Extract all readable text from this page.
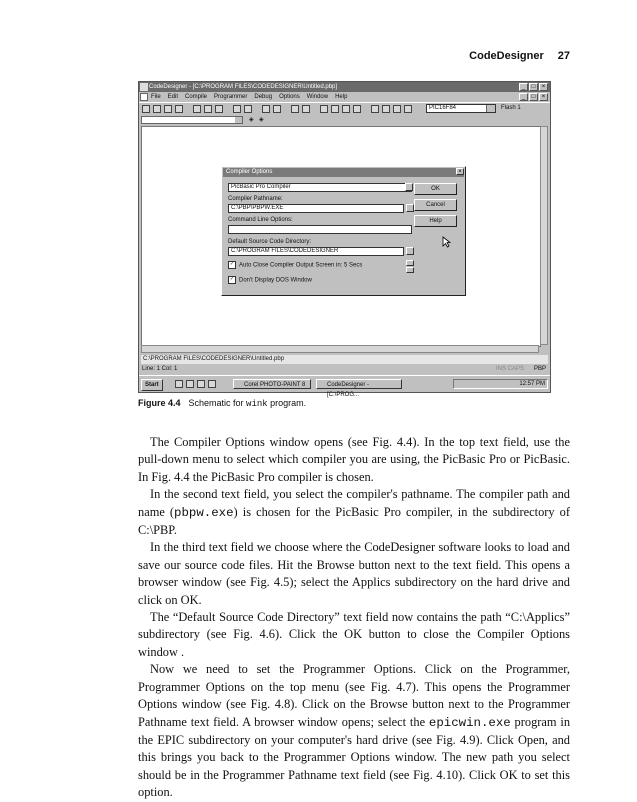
CodeDesigner 27
CodeDesigner - [C:\PROGRAM FILES\CODEDESIGNER\Untitled.pbp]	_	□	×
File Edit Compile Programmer Debug Options Window Help	_	□	×
PIC16F84	Flash 1
◈ ◈
C:\PROGRAM FILES\CODEDESIGNER\Untitled.pbp
Line: 1 Col: 1	INS CAPS PBP
Start	Corel PHOTO-PAINT 8	CodeDesigner - [C:\PROG...
12:57 PM
Compiler Options	×
PicBasic Pro Compiler
Compiler Pathname:
C:\PBP\PBPW.EXE
Command Line Options:
Default Source Code Directory:
C:\PROGRAM FILES\CODEDESIGNER
✓ Auto Close Compiler Output Screen in: 5 Secs
✓ Don't Display DOS Window
OK
Cancel
Help
Figure 4.4 Schematic for wink program.

The Compiler Options window opens (see Fig. 4.4). In the top text field, use the pull-down menu to select which compiler you are using, the PicBasic Pro or PicBasic. In Fig. 4.4 the PicBasic Pro compiler is chosen.

In the second text field, you select the compiler's pathname. The compiler path and name (pbpw.exe) is chosen for the PicBasic Pro compiler, in the subdirectory of C:\PBP.

In the third text field we choose where the CodeDesigner software looks to load and save our source code files. Hit the Browse button next to the text field. This opens a browser window (see Fig. 4.5); select the Applics subdirectory on the hard drive and click on OK.

The “Default Source Code Directory” text field now contains the path “C:\Applics” subdirectory (see Fig. 4.6). Click the OK button to close the Compiler Options window .

Now we need to set the Programmer Options. Click on the Programmer, Programmer Options on the top menu (see Fig. 4.7). This opens the Programmer Options window (see Fig. 4.8). Click on the Browse button next to the Programmer Pathname text field. A browser window opens; select the epicwin.exe program in the EPIC subdirectory on your computer's hard drive (see Fig. 4.9). Click Open, and this brings you back to the Programmer Options window. The new path you select should be in the Programmer Pathname text field (see Fig. 4.10). Click OK to set this option.
